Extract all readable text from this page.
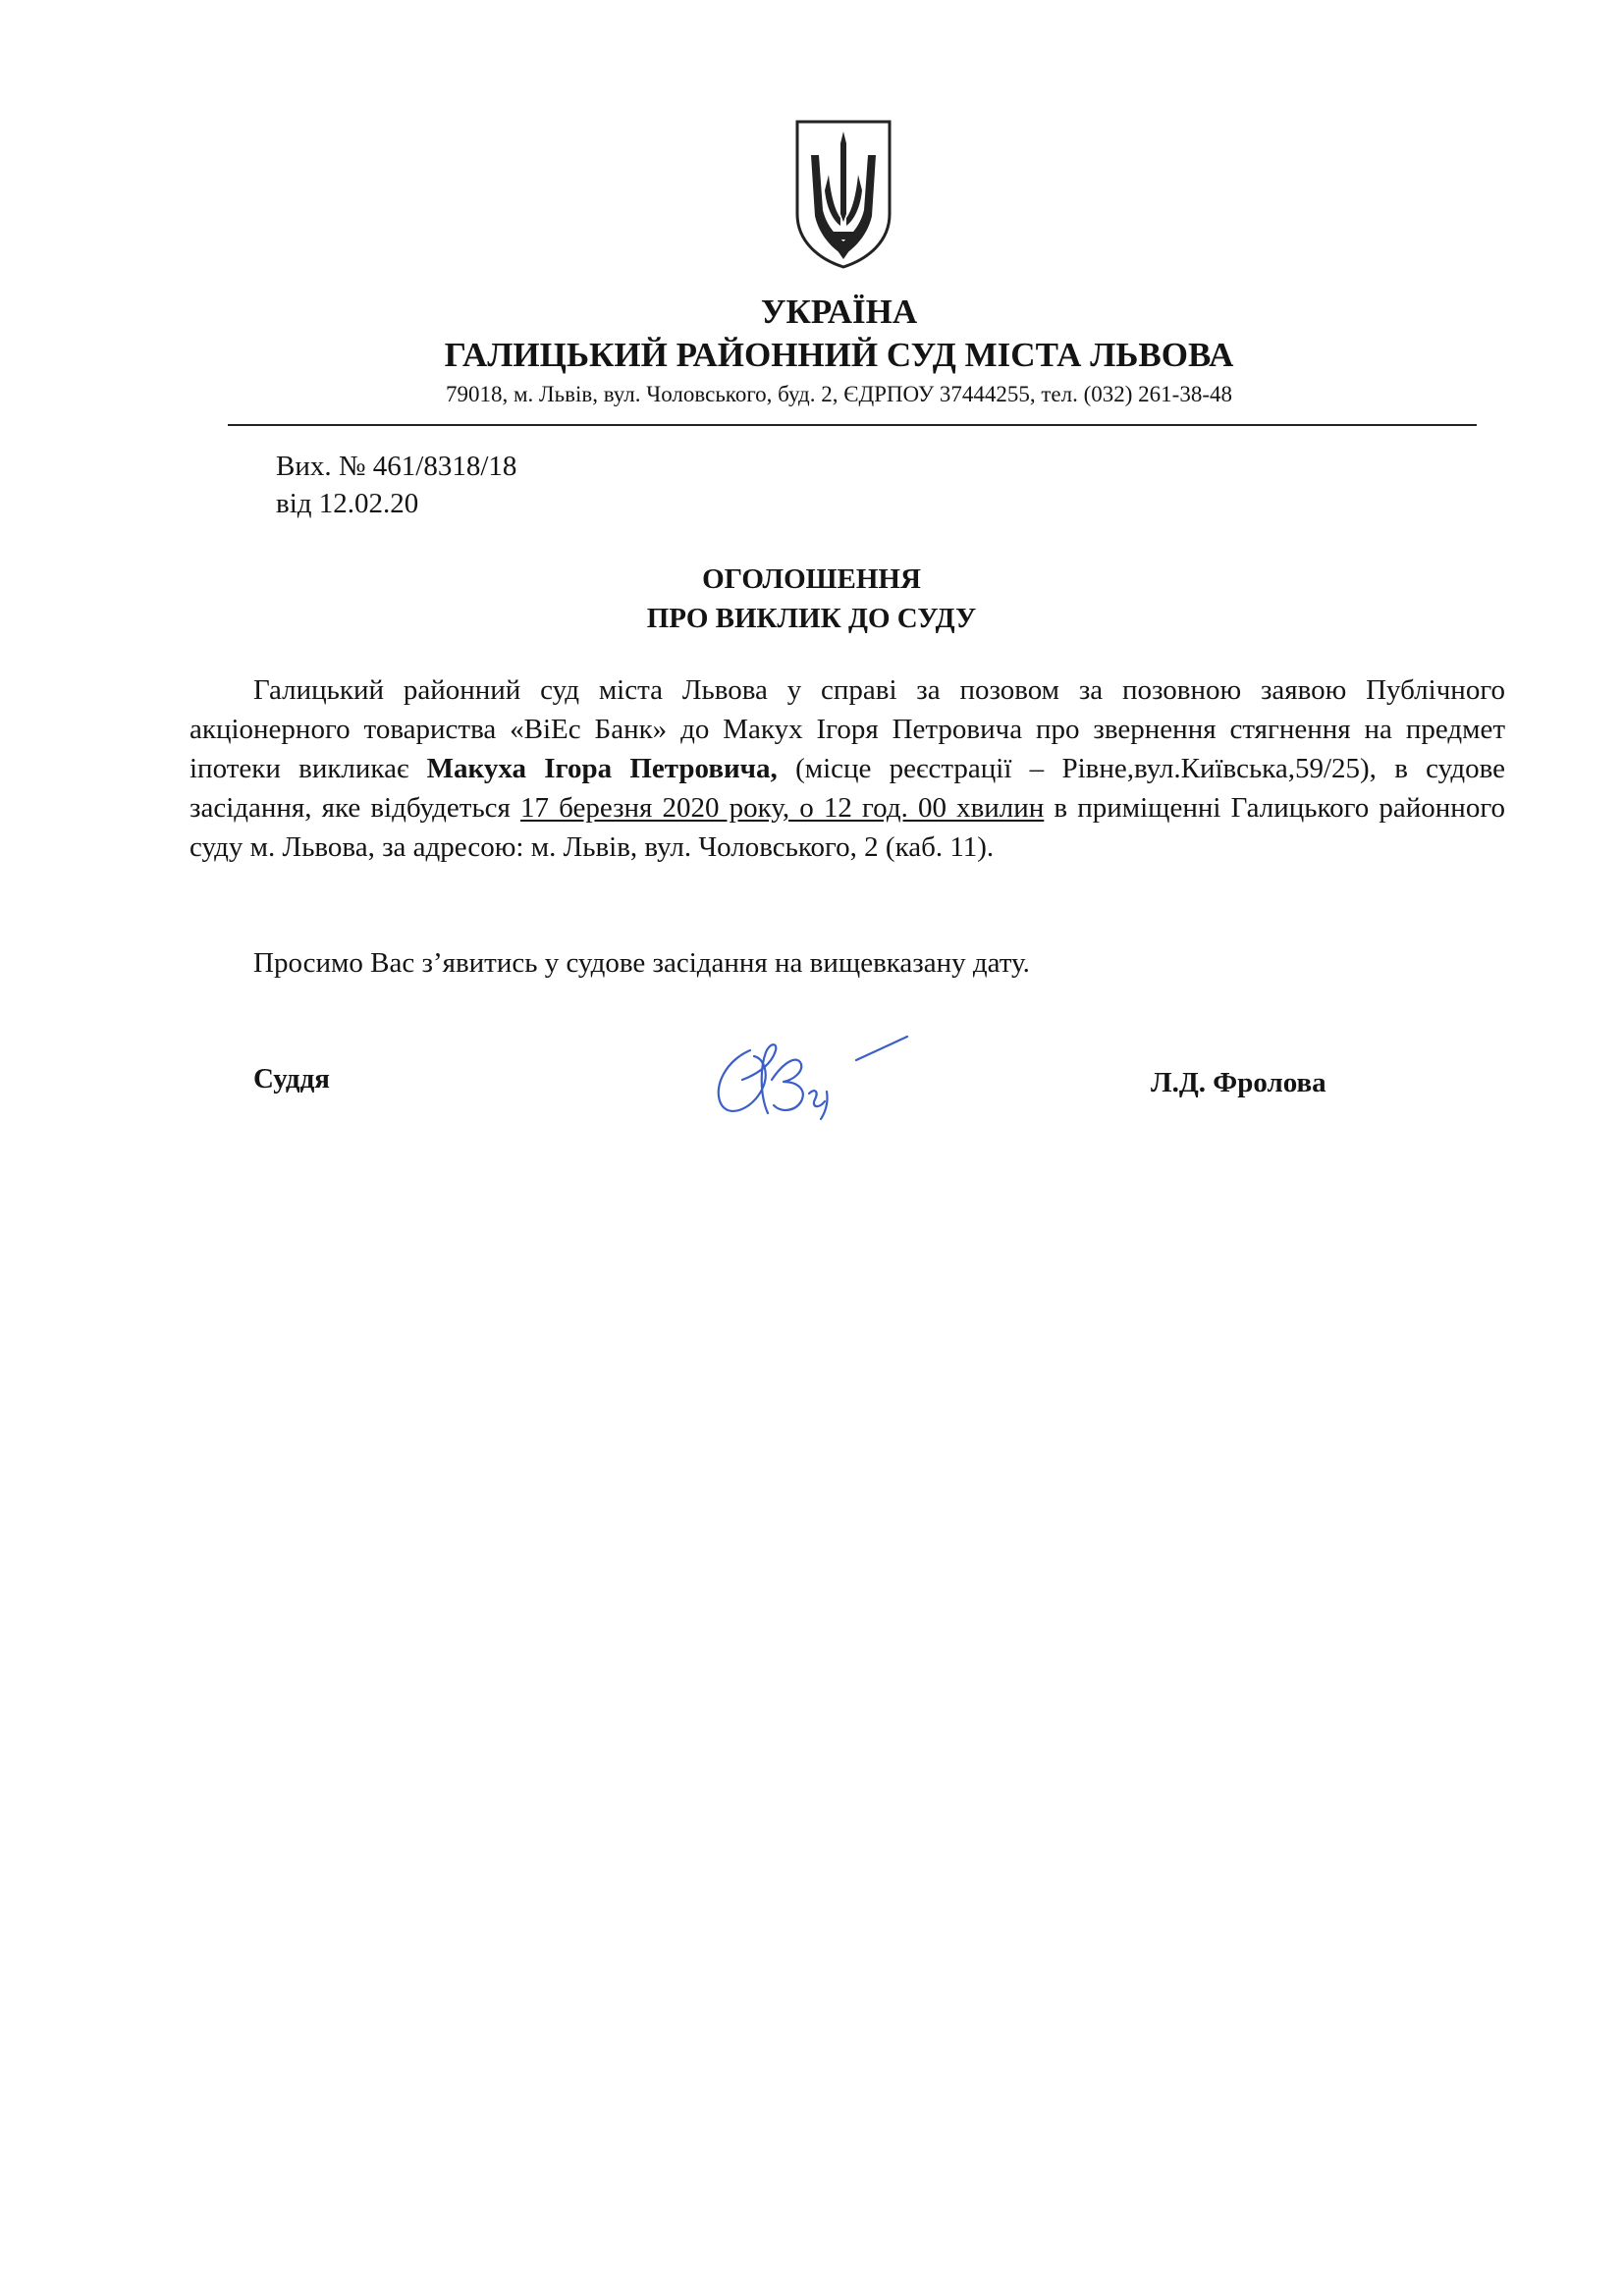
УКРАЇНА
ГАЛИЦЬКИЙ РАЙОННИЙ СУД МІСТА ЛЬВОВА
79018, м. Львів, вул. Чоловського, буд. 2, ЄДРПОУ 37444255, тел. (032) 261-38-48
Вих. № 461/8318/18
від 12.02.20
ОГОЛОШЕННЯ
ПРО ВИКЛИК ДО СУДУ
Галицький районний суд міста Львова у справі за позовом за позовною заявою Публічного акціонерного товариства «ВіЕс Банк» до Макух Ігоря Петровича про звернення стягнення на предмет іпотеки викликає Макуха Ігора Петровича, (місце реєстрації – Рівне,вул.Київська,59/25), в судове засідання, яке відбудеться 17 березня 2020 року, о 12 год. 00 хвилин в приміщенні Галицького районного суду м. Львова, за адресою: м. Львів, вул. Чоловського, 2 (каб. 11).
Просимо Вас з’явитись у судове засідання на вищевказану дату.
Суддя	Л.Д. Фролова
